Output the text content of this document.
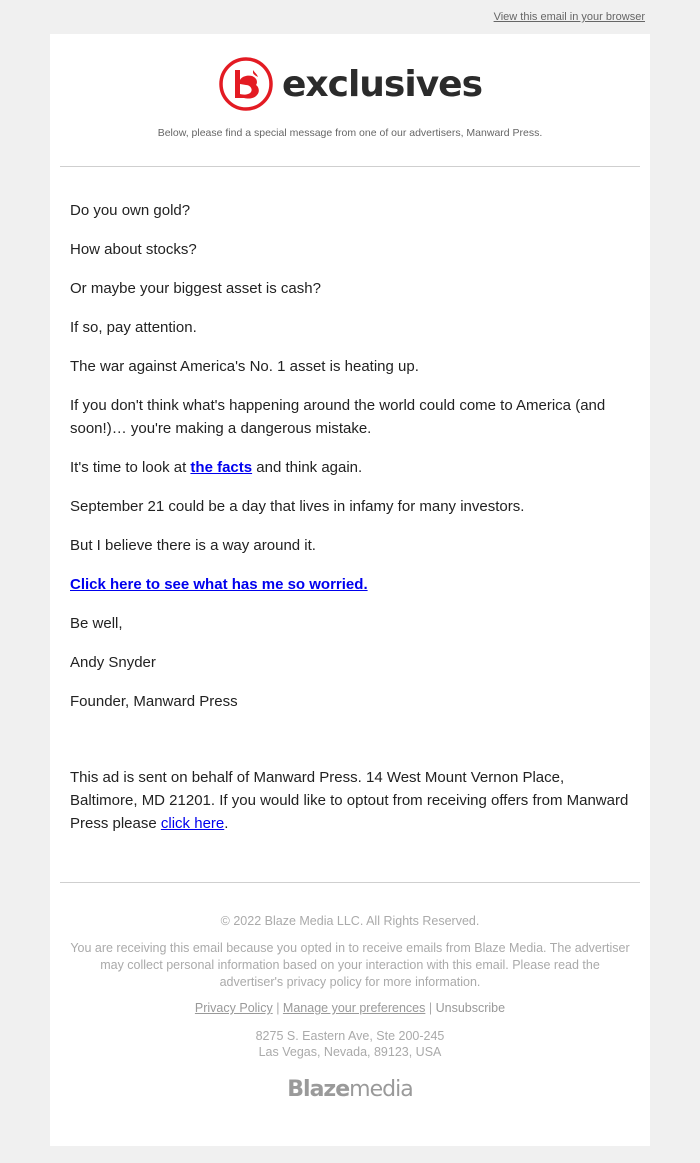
View this email in your browser
exclusives
Below, please find a special message from one of our advertisers, Manward Press.

Do you own gold?

How about stocks?

Or maybe your biggest asset is cash?

If so, pay attention.

The war against America's No. 1 asset is heating up.

If you don't think what's happening around the world could come to America (and soon!)… you're making a dangerous mistake.

It's time to look at the facts and think again.

September 21 could be a day that lives in infamy for many investors.

But I believe there is a way around it.

Click here to see what has me so worried.

Be well,

Andy Snyder

Founder, Manward Press

This ad is sent on behalf of Manward Press. 14 West Mount Vernon Place, Baltimore, MD 21201. If you would like to optout from receiving offers from Manward Press please click here.
© 2022 Blaze Media LLC. All Rights Reserved.
You are receiving this email because you opted in to receive emails from Blaze Media. The advertiser may collect personal information based on your interaction with this email. Please read the advertiser's privacy policy for more information.
Privacy Policy | Manage your preferences | Unsubscribe
8275 S. Eastern Ave, Ste 200-245
Las Vegas, Nevada, 89123, USA
Blazemedia
